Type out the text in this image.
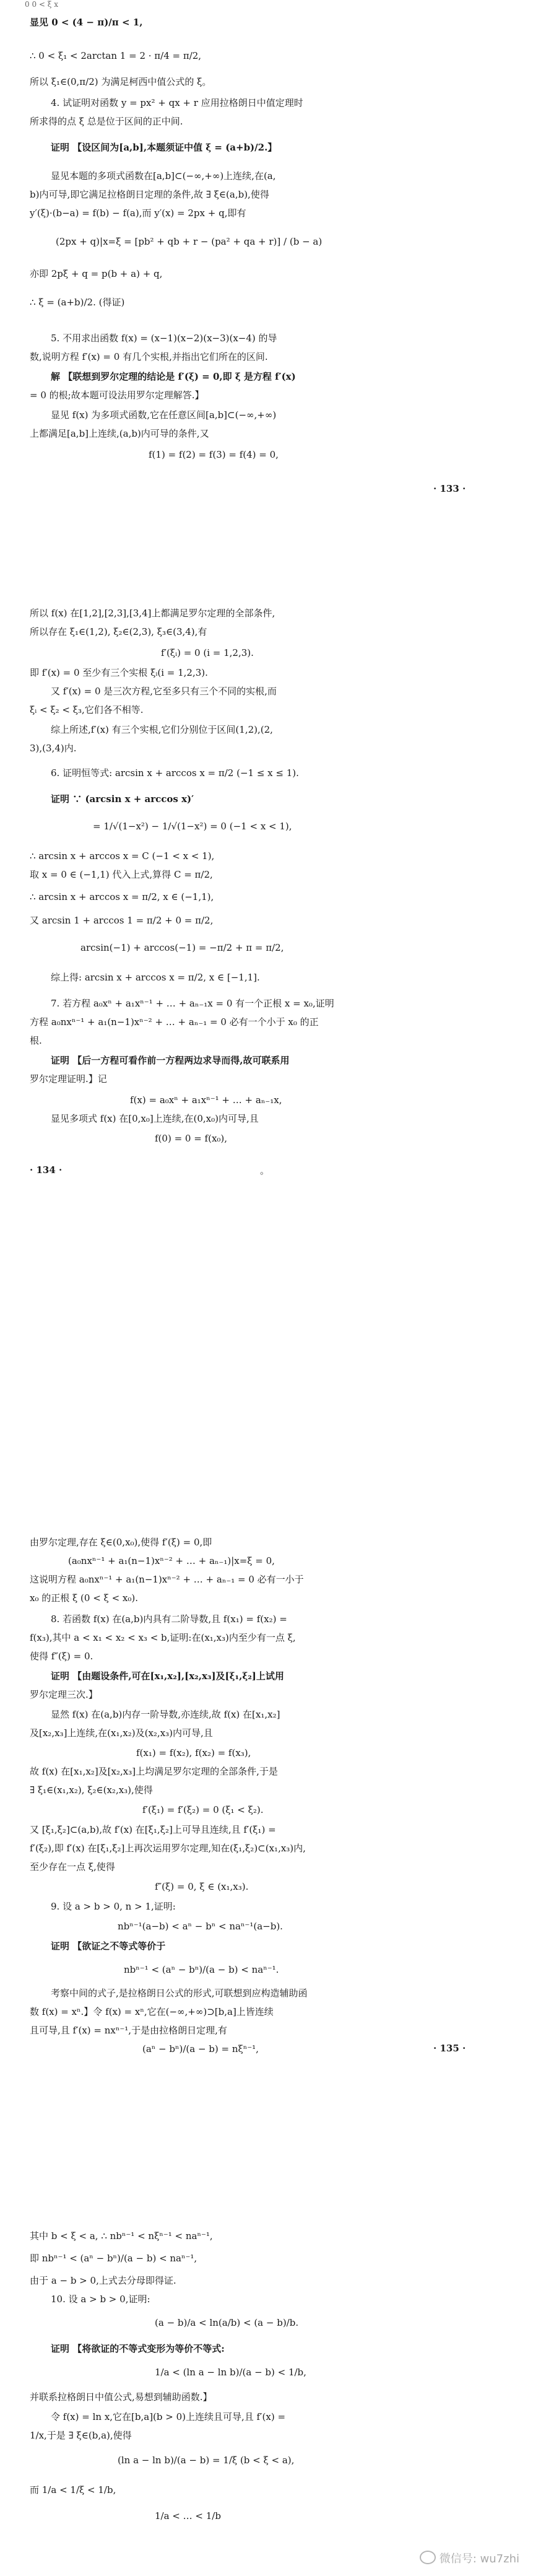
0 0 < ξ x
显见 0 < (4 − π)/π < 1,
∴ 0 < ξ₁ < 2arctan 1 = 2 · π/4 = π/2,
所以 ξ₁∈(0,π/2) 为满足柯西中值公式的 ξ。
4. 试证明对函数 y = px² + qx + r 应用拉格朗日中值定理时
所求得的点 ξ 总是位于区间的正中间.
证明 【设区间为[a,b],本题须证中值 ξ = (a+b)/2.】
显见本题的多项式函数在[a,b]⊂(−∞,+∞)上连续,在(a,
b)内可导,即它满足拉格朗日定理的条件,故 ∃ ξ∈(a,b),使得
y′(ξ)·(b−a) = f(b) − f(a),而 y′(x) = 2px + q,即有
(2px + q)|x=ξ = [pb² + qb + r − (pa² + qa + r)] / (b − a)
亦即 2pξ + q = p(b + a) + q,
∴ ξ = (a+b)/2. (得证)
5. 不用求出函数 f(x) = (x−1)(x−2)(x−3)(x−4) 的导
数,说明方程 f′(x) = 0 有几个实根,并指出它们所在的区间.
解 【联想到罗尔定理的结论是 f′(ξ) = 0,即 ξ 是方程 f′(x)
= 0 的根;故本题可设法用罗尔定理解答.】
显见 f(x) 为多项式函数,它在任意区间[a,b]⊂(−∞,+∞)
上都满足[a,b]上连续,(a,b)内可导的条件,又
f(1) = f(2) = f(3) = f(4) = 0,
· 133 ·
所以 f(x) 在[1,2],[2,3],[3,4]上都满足罗尔定理的全部条件,
所以存在 ξ₁∈(1,2), ξ₂∈(2,3), ξ₃∈(3,4),有
f′(ξᵢ) = 0 (i = 1,2,3).
即 f′(x) = 0 至少有三个实根 ξᵢ(i = 1,2,3).
又 f′(x) = 0 是三次方程,它至多只有三个不同的实根,而
ξᵢ < ξ₂ < ξ₃,它们各不相等.
综上所述,f′(x) 有三个实根,它们分别位于区间(1,2),(2,
3),(3,4)内.
6. 证明恒等式: arcsin x + arccos x = π/2 (−1 ≤ x ≤ 1).
证明 ∵ (arcsin x + arccos x)′
= 1/√(1−x²) − 1/√(1−x²) = 0 (−1 < x < 1),
∴ arcsin x + arccos x = C (−1 < x < 1),
取 x = 0 ∈ (−1,1) 代入上式,算得 C = π/2,
∴ arcsin x + arccos x = π/2, x ∈ (−1,1),
又 arcsin 1 + arccos 1 = π/2 + 0 = π/2,
arcsin(−1) + arccos(−1) = −π/2 + π = π/2,
综上得: arcsin x + arccos x = π/2, x ∈ [−1,1].
7. 若方程 a₀xⁿ + a₁xⁿ⁻¹ + … + aₙ₋₁x = 0 有一个正根 x = x₀,证明
方程 a₀nxⁿ⁻¹ + a₁(n−1)xⁿ⁻² + … + aₙ₋₁ = 0 必有一个小于 x₀ 的正
根.
证明 【后一方程可看作前一方程两边求导而得,故可联系用
罗尔定理证明.】记
f(x) = a₀xⁿ + a₁xⁿ⁻¹ + … + aₙ₋₁x,
显见多项式 f(x) 在[0,x₀]上连续,在(0,x₀)内可导,且
f(0) = 0 = f(x₀),
· 134 ·	。
由罗尔定理,存在 ξ∈(0,x₀),使得 f′(ξ) = 0,即
(a₀nxⁿ⁻¹ + a₁(n−1)xⁿ⁻² + … + aₙ₋₁)|x=ξ = 0,
这说明方程 a₀nxⁿ⁻¹ + a₁(n−1)xⁿ⁻² + … + aₙ₋₁ = 0 必有一小于
x₀ 的正根 ξ (0 < ξ < x₀).
8. 若函数 f(x) 在(a,b)内具有二阶导数,且 f(x₁) = f(x₂) =
f(x₃),其中 a < x₁ < x₂ < x₃ < b,证明:在(x₁,x₃)内至少有一点 ξ,
使得 f″(ξ) = 0.
证明 【由题设条件,可在[x₁,x₂],[x₂,x₃]及[ξ₁,ξ₂]上试用
罗尔定理三次.】
显然 f(x) 在(a,b)内存一阶导数,亦连续,故 f(x) 在[x₁,x₂]
及[x₂,x₃]上连续,在(x₁,x₂)及(x₂,x₃)内可导,且
f(x₁) = f(x₂), f(x₂) = f(x₃),
故 f(x) 在[x₁,x₂]及[x₂,x₃]上均满足罗尔定理的全部条件,于是
∃ ξ₁∈(x₁,x₂), ξ₂∈(x₂,x₃),使得
f′(ξ₁) = f′(ξ₂) = 0 (ξ₁ < ξ₂).
又 [ξ₁,ξ₂]⊂(a,b),故 f′(x) 在[ξ₁,ξ₂]上可导且连续,且 f′(ξ₁) =
f′(ξ₂),即 f′(x) 在[ξ₁,ξ₂]上再次运用罗尔定理,知在(ξ₁,ξ₂)⊂(x₁,x₃)内,
至少存在一点 ξ,使得
f″(ξ) = 0, ξ ∈ (x₁,x₃).
9. 设 a > b > 0, n > 1,证明:
nbⁿ⁻¹(a−b) < aⁿ − bⁿ < naⁿ⁻¹(a−b).
证明 【欲证之不等式等价于
nbⁿ⁻¹ < (aⁿ − bⁿ)/(a − b) < naⁿ⁻¹.
考察中间的式子,是拉格朗日公式的形式,可联想到应构造辅助函
数 f(x) = xⁿ.】令 f(x) = xⁿ,它在(−∞,+∞)⊃[b,a]上皆连续
且可导,且 f′(x) = nxⁿ⁻¹,于是由拉格朗日定理,有
(aⁿ − bⁿ)/(a − b) = nξⁿ⁻¹,	· 135 ·
其中 b < ξ < a, ∴ nbⁿ⁻¹ < nξⁿ⁻¹ < naⁿ⁻¹,
即 nbⁿ⁻¹ < (aⁿ − bⁿ)/(a − b) < naⁿ⁻¹,
由于 a − b > 0,上式去分母即得证.
10. 设 a > b > 0,证明:
(a − b)/a < ln(a/b) < (a − b)/b.
证明 【将欲证的不等式变形为等价不等式:
1/a < (ln a − ln b)/(a − b) < 1/b,
并联系拉格朗日中值公式,易想到辅助函数.】
令 f(x) = ln x,它在[b,a](b > 0)上连续且可导,且 f′(x) =
1/x,于是 ∃ ξ∈(b,a),使得
(ln a − ln b)/(a − b) = 1/ξ (b < ξ < a),
而 1/a < 1/ξ < 1/b,
1/a < … < 1/b
微信号: wu7zhi
